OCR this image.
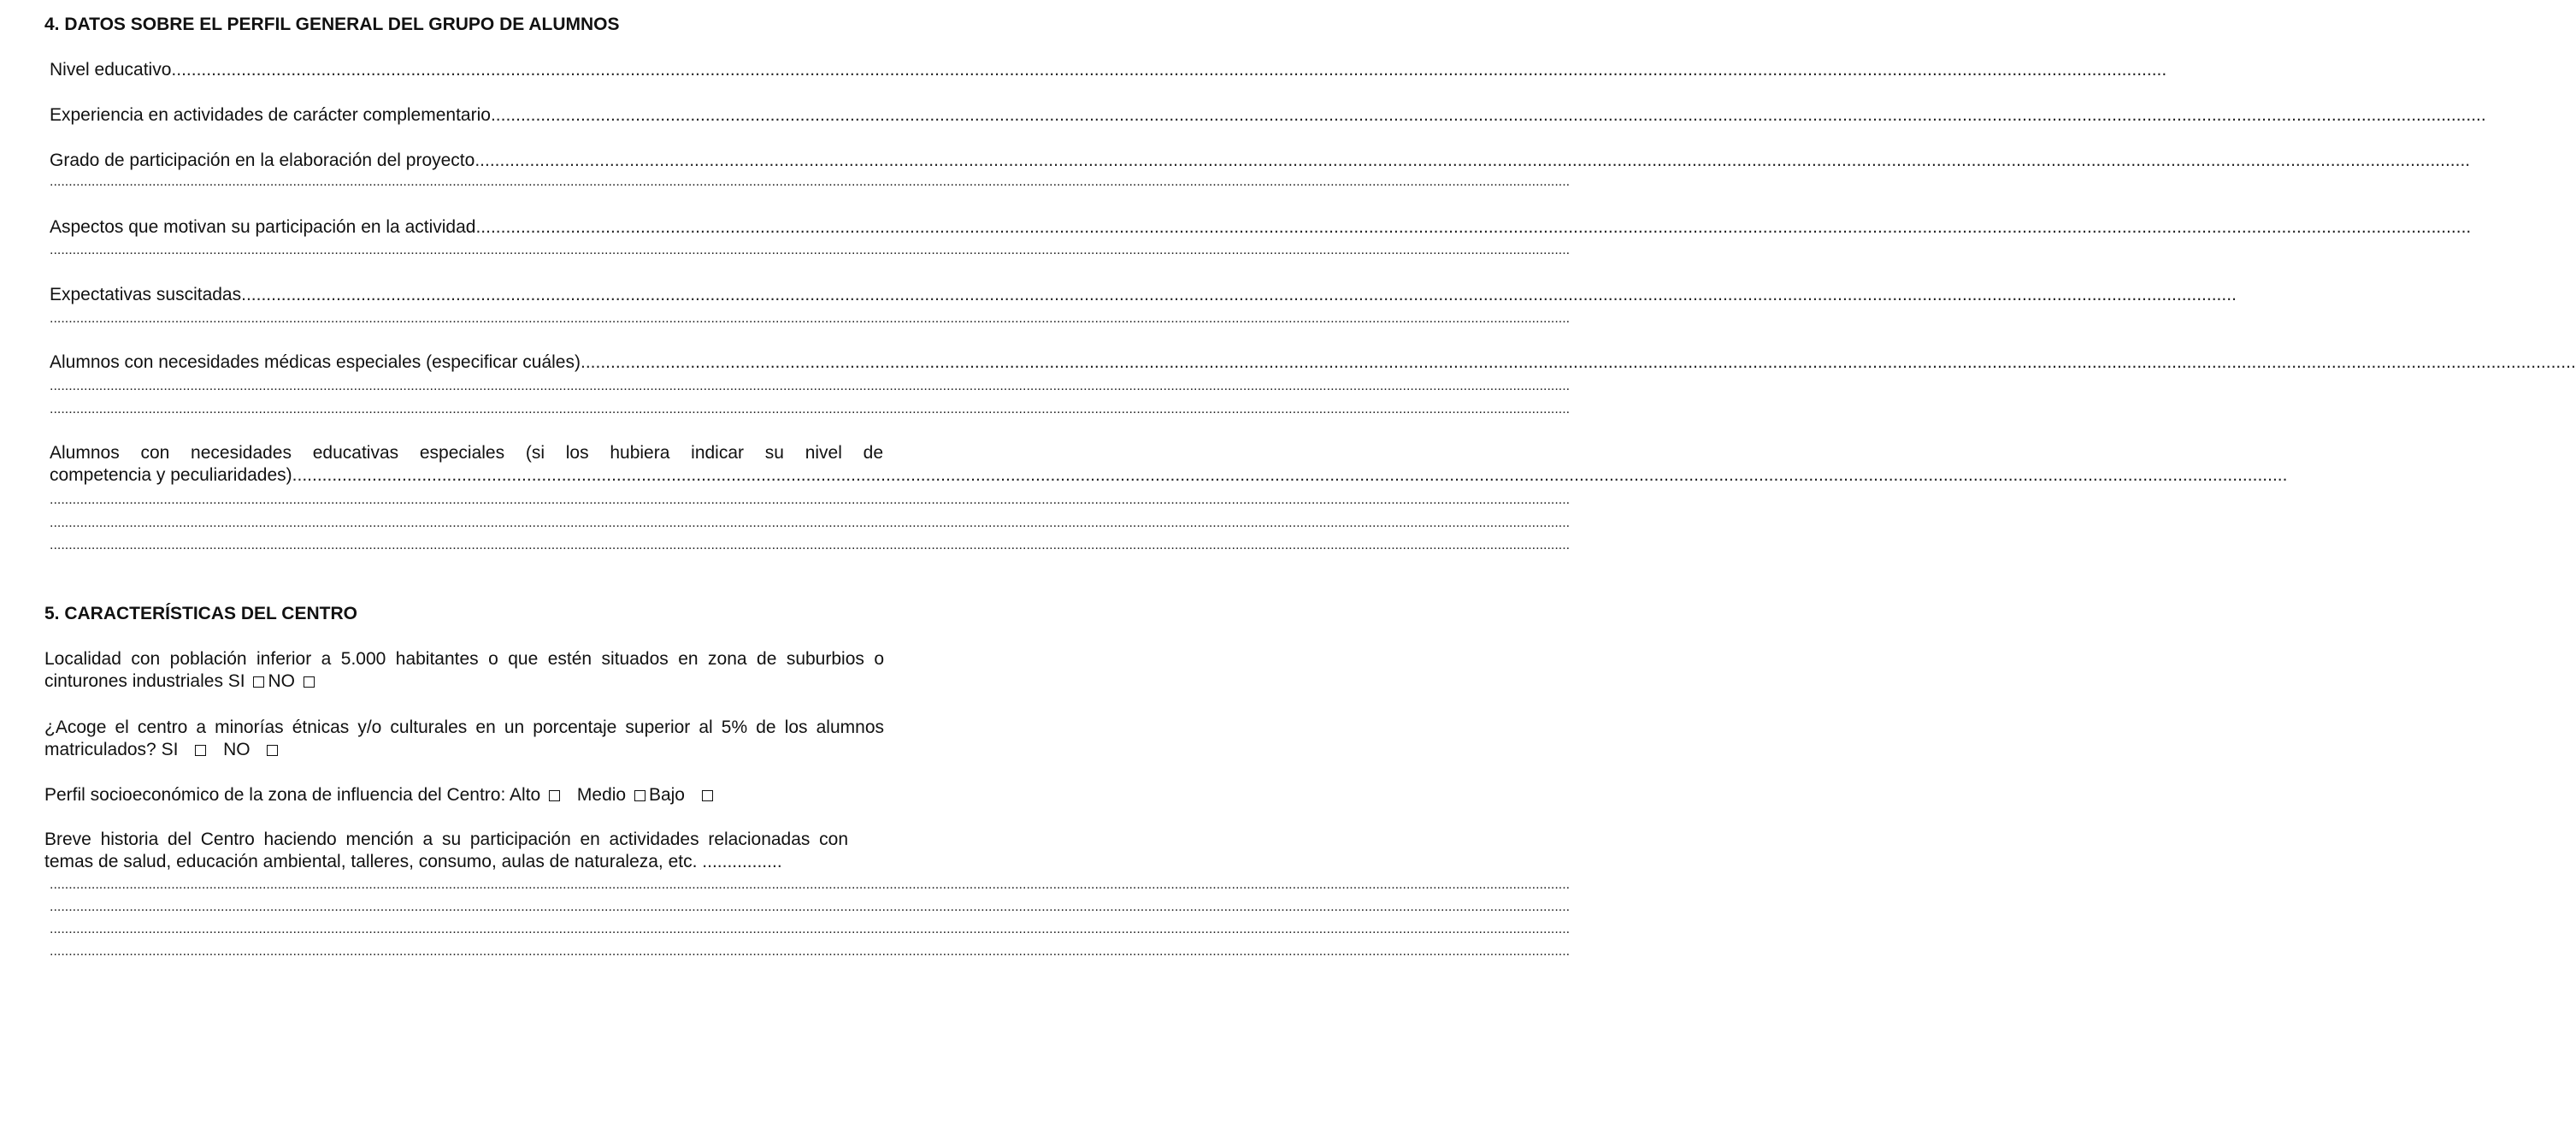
4. DATOS SOBRE EL PERFIL GENERAL DEL GRUPO DE ALUMNOS
Nivel educativo ................................................................................................................................................................................................................................................................................................................................................................................................................
Experiencia en actividades de carácter complementario ................................................................................................................................................................................................................................................................................................................................................................................................................
Grado de participación en la elaboración del proyecto ................................................................................................................................................................................................................................................................................................................................................................................................................
................................................................................................................................................................................................................................................................................................................................................................................................................
Aspectos que motivan su participación en la actividad ................................................................................................................................................................................................................................................................................................................................................................................................................
................................................................................................................................................................................................................................................................................................................................................................................................................
Expectativas suscitadas ................................................................................................................................................................................................................................................................................................................................................................................................................
................................................................................................................................................................................................................................................................................................................................................................................................................
Alumnos con necesidades médicas especiales (especificar cuáles) ................................................................................................................................................................................................................................................................................................................................................................................................................
................................................................................................................................................................................................................................................................................................................................................................................................................
................................................................................................................................................................................................................................................................................................................................................................................................................
Alumnos con necesidades educativas especiales (si los hubiera indicar su nivel de
competencia y peculiaridades) ................................................................................................................................................................................................................................................................................................................................................................................................................
................................................................................................................................................................................................................................................................................................................................................................................................................
................................................................................................................................................................................................................................................................................................................................................................................................................
................................................................................................................................................................................................................................................................................................................................................................................................................
5. CARACTERÍSTICAS DEL CENTRO
Localidad con población inferior a 5.000 habitantes o que estén situados en zona de suburbios o cinturones industriales SI NO
¿Acoge el centro a minorías étnicas y/o culturales en un porcentaje superior al 5% de los alumnos matriculados? SI	NO
Perfil socioeconómico de la zona de influencia del Centro: Alto Medio Bajo
Breve historia del Centro haciendo mención a su participación en actividades relacionadas con temas de salud, educación ambiental, talleres, consumo, aulas de naturaleza, etc. ................
................................................................................................................................................................................................................................................................................................................................................................................................................
................................................................................................................................................................................................................................................................................................................................................................................................................
................................................................................................................................................................................................................................................................................................................................................................................................................
................................................................................................................................................................................................................................................................................................................................................................................................................
